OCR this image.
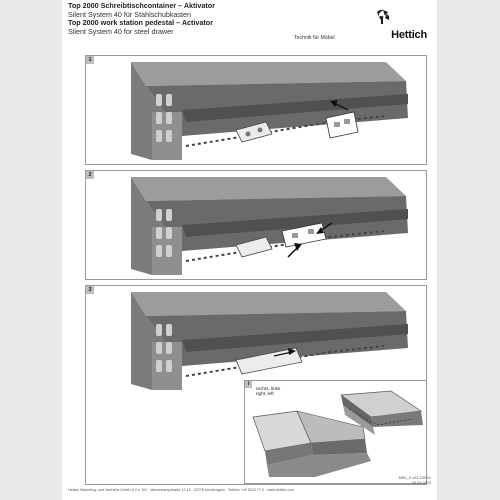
Top 2000 Schreibtischcontainer – Aktivator
Silent System 40 für Stahlschubkasten
Top 2000 work station pedestal – Activator
Silent System 40 for steel drawer
Technik für Möbel	Hettich
1
2
3
i
rechts, links
right, left
MRL_9 103 235 01
10.03.2023
Hettich Marketing- und Vertriebs GmbH & Co. KG · Vahrenkampstraße 12-16 · 32278 Kirchlengern · Telefon +49 5223 77-0 · www.hettich.com
